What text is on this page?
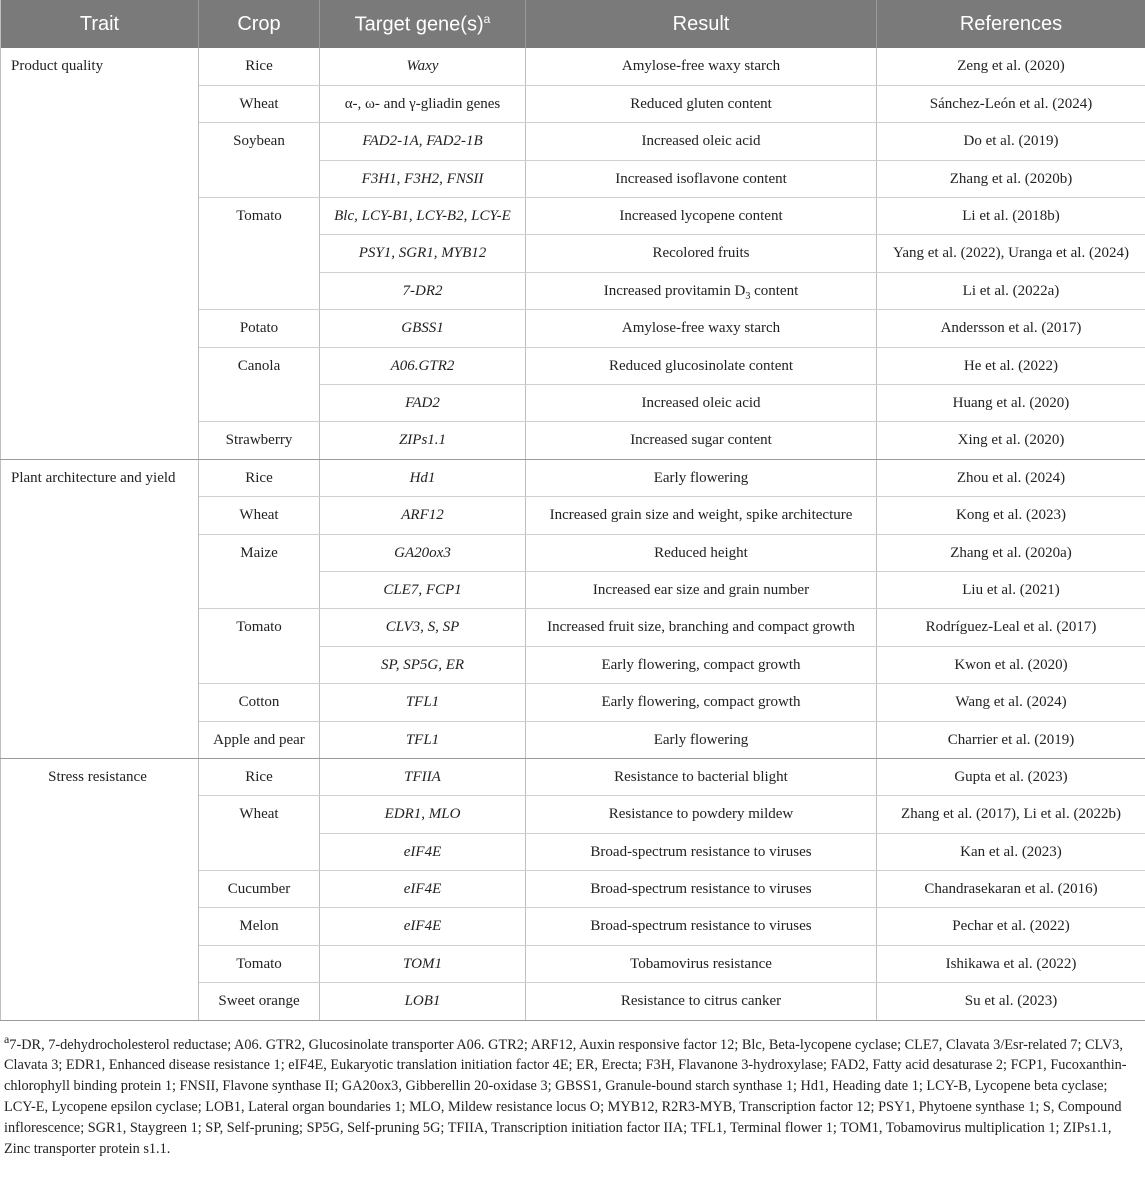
Trait	Crop	Target $gene(s)^a$	Result	References
Product quality	Rice	Waxy	Amylose-free waxy starch	Zeng et al. (2020)
	Wheat	α-, ω- and γ-gliadin genes	Reduced gluten content	Sánchez-León et al. (2024)
	Soybean	FAD2-1A, FAD2-1B	Increased oleic acid	Do et al. (2019)
		F3H1, F3H2, FNSII	Increased isoflavone content	Zhang et al. (2020b)
	Tomato	Blc, LCY-B1, LCY-B2, LCY-E	Increased lycopene content	Li et al. (2018b)
		PSY1, SGR1, MYB12	Recolored fruits	Yang et al. (2022), Uranga et al. (2024)
		7-DR2	Increased provitamin $D_3$ content	Li et al. (2022a)
	Potato	GBSS1	Amylose-free waxy starch	Andersson et al. (2017)
	Canola	A06.GTR2	Reduced glucosinolate content	He et al. (2022)
		FAD2	Increased oleic acid	Huang et al. (2020)
	Strawberry	ZIPs1.1	Increased sugar content	Xing et al. (2020)
Plant architecture and yield	Rice	Hd1	Early flowering	Zhou et al. (2024)
	Wheat	ARF12	Increased grain size and weight, spike architecture	Kong et al. (2023)
	Maize	GA20ox3	Reduced height	Zhang et al. (2020a)
		CLE7, FCP1	Increased ear size and grain number	Liu et al. (2021)
	Tomato	CLV3, S, SP	Increased fruit size, branching and compact growth	Rodríguez-Leal et al. (2017)
		SP, SP5G, ER	Early flowering, compact growth	Kwon et al. (2020)
	Cotton	TFL1	Early flowering, compact growth	Wang et al. (2024)
	Apple and pear	TFL1	Early flowering	Charrier et al. (2019)
Stress resistance	Rice	TFIIA	Resistance to bacterial blight	Gupta et al. (2023)
	Wheat	EDR1, MLO	Resistance to powdery mildew	Zhang et al. (2017), Li et al. (2022b)
		eIF4E	Broad-spectrum resistance to viruses	Kan et al. (2023)
	Cucumber	eIF4E	Broad-spectrum resistance to viruses	Chandrasekaran et al. (2016)
	Melon	eIF4E	Broad-spectrum resistance to viruses	Pechar et al. (2022)
	Tomato	TOM1	Tobamovirus resistance	Ishikawa et al. (2022)
	Sweet orange	LOB1	Resistance to citrus canker	Su et al. (2023)
$^a$7-DR, 7-dehydrocholesterol reductase; A06. GTR2, Glucosinolate transporter A06. GTR2; ARF12, Auxin responsive factor 12; Blc, Beta-lycopene cyclase; CLE7, Clavata 3/Esr-related 7; CLV3, Clavata 3; EDR1, Enhanced disease resistance 1; eIF4E, Eukaryotic translation initiation factor 4E; ER, Erecta; F3H, Flavanone 3-hydroxylase; FAD2, Fatty acid desaturase 2; FCP1, Fucoxanthin-chlorophyll binding protein 1; FNSII, Flavone synthase II; GA20ox3, Gibberellin 20-oxidase 3; GBSS1, Granule-bound starch synthase 1; Hd1, Heading date 1; LCY-B, Lycopene beta cyclase; LCY-E, Lycopene epsilon cyclase; LOB1, Lateral organ boundaries 1; MLO, Mildew resistance locus O; MYB12, R2R3-MYB, Transcription factor 12; PSY1, Phytoene synthase 1; S, Compound inflorescence; SGR1, Staygreen 1; SP, Self-pruning; SP5G, Self-pruning 5G; TFIIA, Transcription initiation factor IIA; TFL1, Terminal flower 1; TOM1, Tobamovirus multiplication 1; ZIPs1.1, Zinc transporter protein s1.1.
